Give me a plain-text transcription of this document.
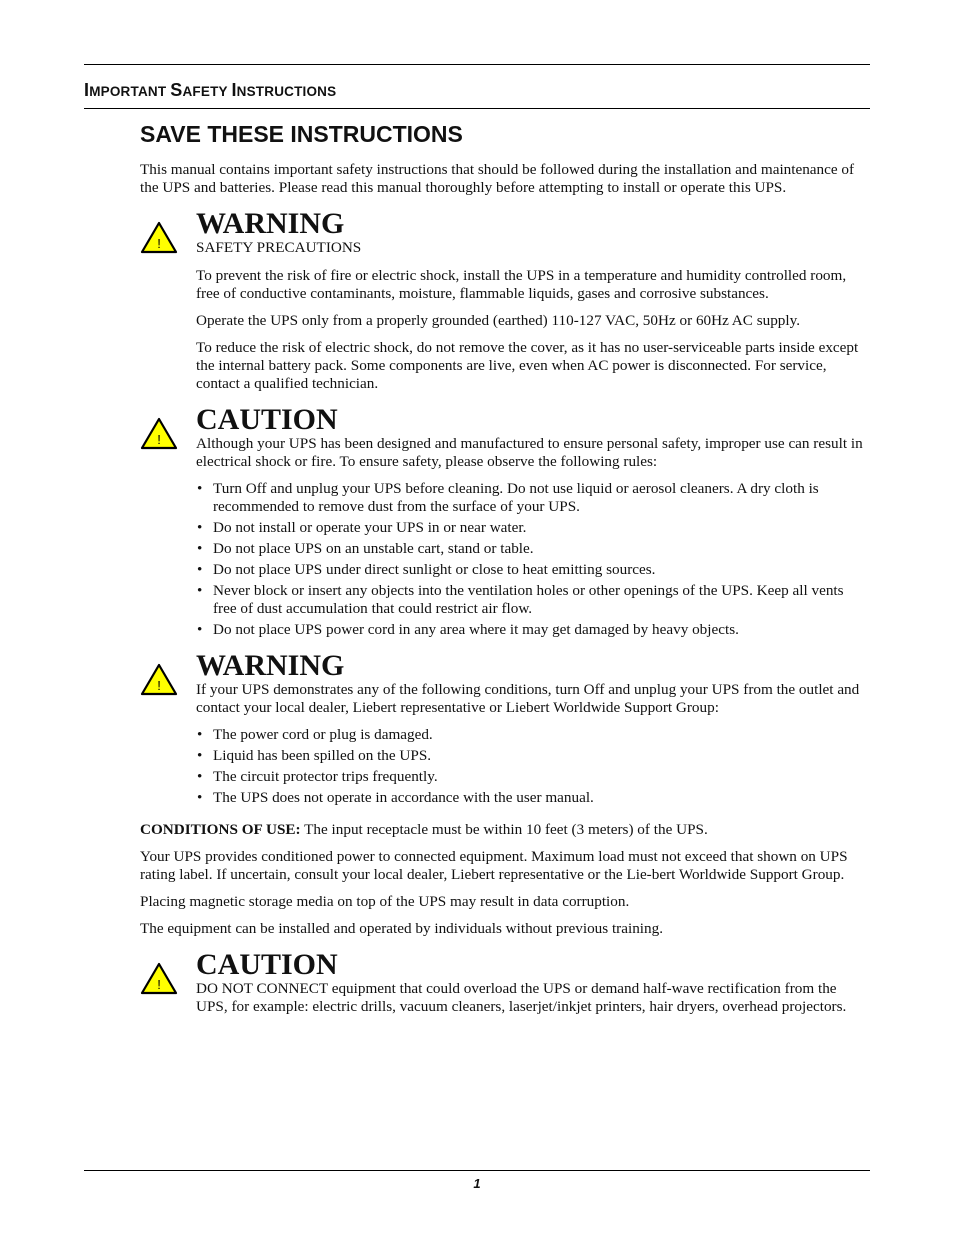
IMPORTANT SAFETY INSTRUCTIONS
SAVE THESE INSTRUCTIONS

This manual contains important safety instructions that should be followed during the installation and maintenance of the UPS and batteries. Please read this manual thoroughly before attempting to install or operate this UPS.

!
WARNING
SAFETY PRECAUTIONS

To prevent the risk of fire or electric shock, install the UPS in a temperature and humidity controlled room, free of conductive contaminants, moisture, flammable liquids, gases and corrosive substances.

Operate the UPS only from a properly grounded (earthed) 110-127 VAC, 50Hz or 60Hz AC supply.

To reduce the risk of electric shock, do not remove the cover, as it has no user-serviceable parts inside except the internal battery pack. Some components are live, even when AC power is disconnected. For service, contact a qualified technician.

!
CAUTION

Although your UPS has been designed and manufactured to ensure personal safety, improper use can result in electrical shock or fire. To ensure safety, please observe the following rules:

• Turn Off and unplug your UPS before cleaning. Do not use liquid or aerosol cleaners. A dry cloth is recommended to remove dust from the surface of your UPS.
• Do not install or operate your UPS in or near water.
• Do not place UPS on an unstable cart, stand or table.
• Do not place UPS under direct sunlight or close to heat emitting sources.
• Never block or insert any objects into the ventilation holes or other openings of the UPS. Keep all vents free of dust accumulation that could restrict air flow.
• Do not place UPS power cord in any area where it may get damaged by heavy objects.
!
WARNING

If your UPS demonstrates any of the following conditions, turn Off and unplug your UPS from the outlet and contact your local dealer, Liebert representative or Liebert Worldwide Support Group:

• The power cord or plug is damaged.
• Liquid has been spilled on the UPS.
• The circuit protector trips frequently.
• The UPS does not operate in accordance with the user manual.

CONDITIONS OF USE: The input receptacle must be within 10 feet (3 meters) of the UPS.

Your UPS provides conditioned power to connected equipment. Maximum load must not exceed that shown on UPS rating label. If uncertain, consult your local dealer, Liebert representative or the Lie-bert Worldwide Support Group.

Placing magnetic storage media on top of the UPS may result in data corruption.

The equipment can be installed and operated by individuals without previous training.

!
CAUTION

DO NOT CONNECT equipment that could overload the UPS or demand half-wave rectification from the UPS, for example: electric drills, vacuum cleaners, laserjet/inkjet printers, hair dryers, overhead projectors.

1
